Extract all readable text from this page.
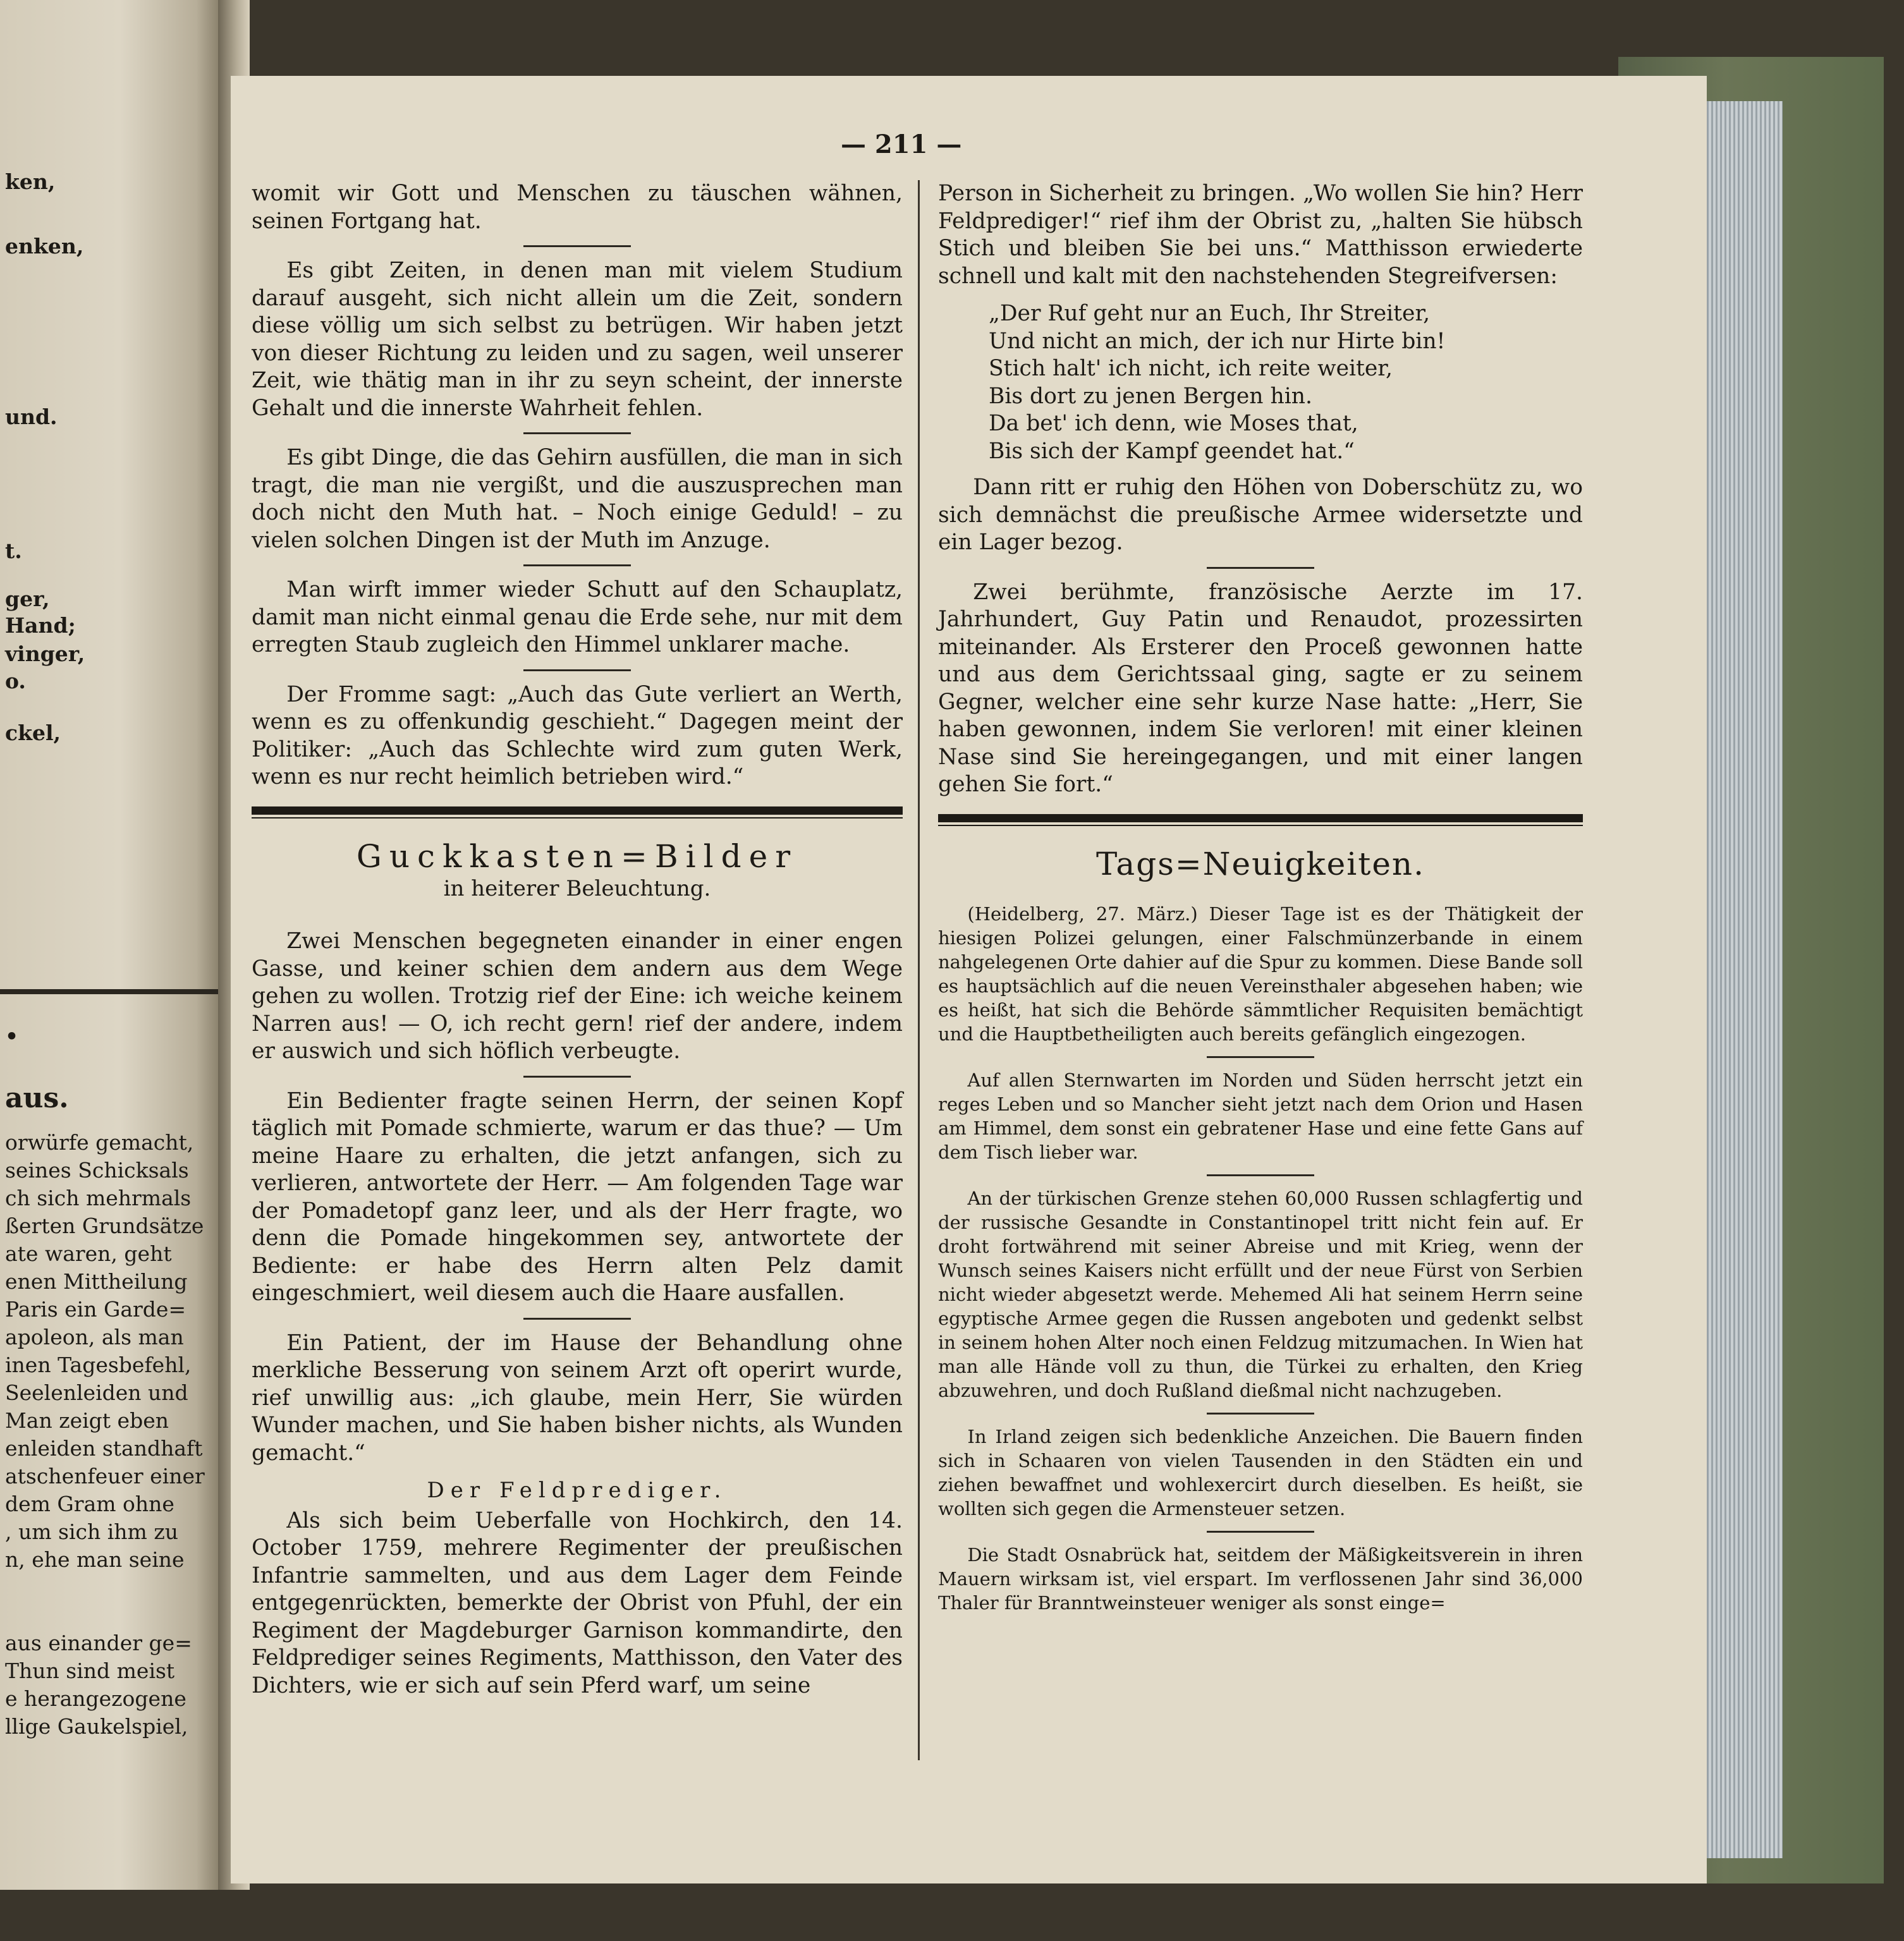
ken,
enken,
und.
t.
ger,
Hand;
vinger,
o.
ckel,
•
aus.
orwürfe gemacht,
seines Schicksals
ch sich mehrmals
ßerten Grundsätze
ate waren, geht
enen Mittheilung
Paris ein Garde=
apoleon, als man
inen Tagesbefehl,
Seelenleiden und
Man zeigt eben
enleiden standhaft
atschenfeuer einer
dem Gram ohne
, um sich ihm zu
n, ehe man seine
aus einander ge=
Thun sind meist
e herangezogene
llige Gaukelspiel,
— 211 —

womit wir Gott und Menschen zu täuschen wähnen, seinen Fortgang hat.

Es gibt Zeiten, in denen man mit vielem Studium darauf ausgeht, sich nicht allein um die Zeit, sondern diese völlig um sich selbst zu betrügen. Wir haben jetzt von dieser Richtung zu leiden und zu sagen, weil unserer Zeit, wie thätig man in ihr zu seyn scheint, der innerste Gehalt und die innerste Wahrheit fehlen.

Es gibt Dinge, die das Gehirn ausfüllen, die man in sich tragt, die man nie vergißt, und die auszusprechen man doch nicht den Muth hat. – Noch einige Geduld! – zu vielen solchen Dingen ist der Muth im Anzuge.

Man wirft immer wieder Schutt auf den Schauplatz, damit man nicht einmal genau die Erde sehe, nur mit dem erregten Staub zugleich den Himmel unklarer mache.

Der Fromme sagt: „Auch das Gute verliert an Werth, wenn es zu offenkundig geschieht.“ Dagegen meint der Politiker: „Auch das Schlechte wird zum guten Werk, wenn es nur recht heimlich betrieben wird.“

Guckkasten=Bilder
in heiterer Beleuchtung.

Zwei Menschen begegneten einander in einer engen Gasse, und keiner schien dem andern aus dem Wege gehen zu wollen. Trotzig rief der Eine: ich weiche keinem Narren aus! — O, ich recht gern! rief der andere, indem er auswich und sich höflich verbeugte.

Ein Bedienter fragte seinen Herrn, der seinen Kopf täglich mit Pomade schmierte, warum er das thue? — Um meine Haare zu erhalten, die jetzt anfangen, sich zu verlieren, antwortete der Herr. — Am folgenden Tage war der Pomadetopf ganz leer, und als der Herr fragte, wo denn die Pomade hingekommen sey, antwortete der Bediente: er habe des Herrn alten Pelz damit eingeschmiert, weil diesem auch die Haare ausfallen.

Ein Patient, der im Hause der Behandlung ohne merkliche Besserung von seinem Arzt oft operirt wurde, rief unwillig aus: „ich glaube, mein Herr, Sie würden Wunder machen, und Sie haben bisher nichts, als Wunden gemacht.“

Der Feldprediger.

Als sich beim Ueberfalle von Hochkirch, den 14. October 1759, mehrere Regimenter der preußischen Infantrie sammelten, und aus dem Lager dem Feinde entgegenrückten, bemerkte der Obrist von Pfuhl, der ein Regiment der Magdeburger Garnison kommandirte, den Feldprediger seines Regiments, Matthisson, den Vater des Dichters, wie er sich auf sein Pferd warf, um seine

Person in Sicherheit zu bringen. „Wo wollen Sie hin? Herr Feldprediger!“ rief ihm der Obrist zu, „halten Sie hübsch Stich und bleiben Sie bei uns.“ Matthisson erwiederte schnell und kalt mit den nachstehenden Stegreifversen:

„Der Ruf geht nur an Euch, Ihr Streiter,
Und nicht an mich, der ich nur Hirte bin!
Stich halt' ich nicht, ich reite weiter,
Bis dort zu jenen Bergen hin.
Da bet' ich denn, wie Moses that,
Bis sich der Kampf geendet hat.“

Dann ritt er ruhig den Höhen von Doberschütz zu, wo sich demnächst die preußische Armee widersetzte und ein Lager bezog.

Zwei berühmte, französische Aerzte im 17. Jahrhundert, Guy Patin und Renaudot, prozessirten miteinander. Als Ersterer den Proceß gewonnen hatte und aus dem Gerichtssaal ging, sagte er zu seinem Gegner, welcher eine sehr kurze Nase hatte: „Herr, Sie haben gewonnen, indem Sie verloren! mit einer kleinen Nase sind Sie hereingegangen, und mit einer langen gehen Sie fort.“

Tags=Neuigkeiten.

(Heidelberg, 27. März.) Dieser Tage ist es der Thätigkeit der hiesigen Polizei gelungen, einer Falschmünzerbande in einem nahgelegenen Orte dahier auf die Spur zu kommen. Diese Bande soll es hauptsächlich auf die neuen Vereinsthaler abgesehen haben; wie es heißt, hat sich die Behörde sämmtlicher Requisiten bemächtigt und die Hauptbetheiligten auch bereits gefänglich eingezogen.

Auf allen Sternwarten im Norden und Süden herrscht jetzt ein reges Leben und so Mancher sieht jetzt nach dem Orion und Hasen am Himmel, dem sonst ein gebratener Hase und eine fette Gans auf dem Tisch lieber war.

An der türkischen Grenze stehen 60,000 Russen schlagfertig und der russische Gesandte in Constantinopel tritt nicht fein auf. Er droht fortwährend mit seiner Abreise und mit Krieg, wenn der Wunsch seines Kaisers nicht erfüllt und der neue Fürst von Serbien nicht wieder abgesetzt werde. Mehemed Ali hat seinem Herrn seine egyptische Armee gegen die Russen angeboten und gedenkt selbst in seinem hohen Alter noch einen Feldzug mitzumachen. In Wien hat man alle Hände voll zu thun, die Türkei zu erhalten, den Krieg abzuwehren, und doch Rußland dießmal nicht nachzugeben.

In Irland zeigen sich bedenkliche Anzeichen. Die Bauern finden sich in Schaaren von vielen Tausenden in den Städten ein und ziehen bewaffnet und wohlexercirt durch dieselben. Es heißt, sie wollten sich gegen die Armensteuer setzen.

Die Stadt Osnabrück hat, seitdem der Mäßigkeitsverein in ihren Mauern wirksam ist, viel erspart. Im verflossenen Jahr sind 36,000 Thaler für Branntweinsteuer weniger als sonst einge=
